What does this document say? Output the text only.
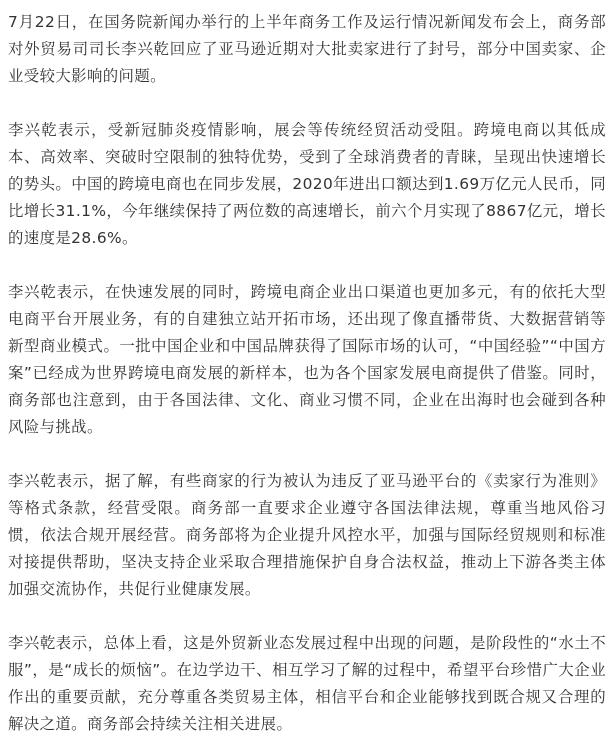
7月22日，在国务院新闻办举行的上半年商务工作及运行情况新闻发布会上，商务部对外贸易司司长李兴乾回应了亚马逊近期对大批卖家进行了封号，部分中国卖家、企业受较大影响的问题。

李兴乾表示，受新冠肺炎疫情影响，展会等传统经贸活动受阻。跨境电商以其低成本、高效率、突破时空限制的独特优势，受到了全球消费者的青睐，呈现出快速增长的势头。中国的跨境电商也在同步发展，2020年进出口额达到1.69万亿元人民币，同比增长31.1%，今年继续保持了两位数的高速增长，前六个月实现了8867亿元，增长的速度是28.6%。

李兴乾表示，在快速发展的同时，跨境电商企业出口渠道也更加多元，有的依托大型电商平台开展业务，有的自建独立站开拓市场，还出现了像直播带货、大数据营销等新型商业模式。一批中国企业和中国品牌获得了国际市场的认可，“中国经验”“中国方案”已经成为世界跨境电商发展的新样本，也为各个国家发展电商提供了借鉴。同时，商务部也注意到，由于各国法律、文化、商业习惯不同，企业在出海时也会碰到各种风险与挑战。

李兴乾表示，据了解，有些商家的行为被认为违反了亚马逊平台的《卖家行为准则》等格式条款，经营受限。商务部一直要求企业遵守各国法律法规，尊重当地风俗习惯，依法合规开展经营。商务部将为企业提升风控水平，加强与国际经贸规则和标准对接提供帮助，坚决支持企业采取合理措施保护自身合法权益，推动上下游各类主体加强交流协作，共促行业健康发展。

李兴乾表示，总体上看，这是外贸新业态发展过程中出现的问题，是阶段性的“水土不服”，是“成长的烦恼”。在边学边干、相互学习了解的过程中，希望平台珍惜广大企业作出的重要贡献，充分尊重各类贸易主体，相信平台和企业能够找到既合规又合理的解决之道。商务部会持续关注相关进展。
